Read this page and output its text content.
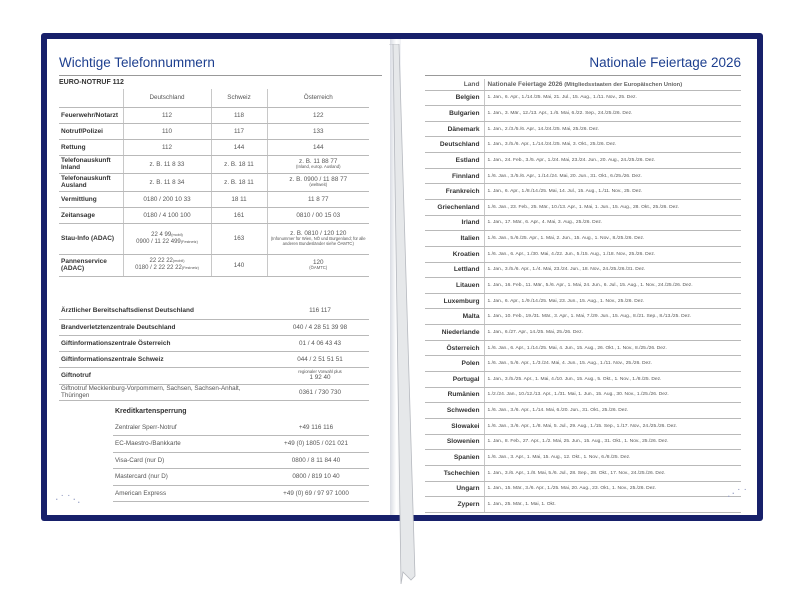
Wichtige Telefonnummern
EURO-NOTRUF 112
	Deutschland	Schweiz	Österreich
Feuerwehr/Notarzt	112	118	122

Notruf/Polizei	110	117	133

Rettung	112	144	144

Telefonauskunft Inland	z. B. 11 8 33	z. B. 18 11	z. B. 11 88 77
(Inland, europ. Ausland)

Telefonauskunft Ausland	z. B. 11 8 34	z. B. 18 11	z. B. 0900 / 11 88 77
(weltweit)

Vermittlung	0180 / 200 10 33	18 11	11 8 77

Zeitansage	0180 / 4 100 100	161	0810 / 00 15 03

Stau-Info (ADAC)	22 4 99(mobil)
0900 / 11 22 499(Festnetz)	163	z. B. 0810 / 120 120
(Infonummer für Wien, NÖ und Burgenland; für alle anderen Bundesländer siehe ÖAMTC)

Pannenservice (ADAC)	22 22 22(mobil)
0180 / 2 22 22 22(Festnetz)	140	120
(ÖAMTC)
Ärztlicher Bereitschaftsdienst Deutschland	116 117
Brandverletztenzentrale Deutschland	040 / 4 28 51 39 98
Giftinformationszentrale Österreich	01 / 4 06 43 43
Giftinformationszentrale Schweiz	044 / 2 51 51 51
Giftnotruf	regionaler Vorwahl plus
1 92 40
Giftnotruf Mecklenburg-Vorpommern, Sachsen, Sachsen-Anhalt, Thüringen	0361 / 730 730
Kreditkartensperrung
Zentraler Sperr-Notruf	+49 116 116
EC-Maestro-/Bankkarte	+49 (0) 1805 / 021 021
Visa-Card (nur D)	0800 / 8 11 84 40
Mastercard (nur D)	0800 / 819 10 40
American Express	+49 (0) 69 / 97 97 1000
·˙˙·.
Nationale Feiertage 2026
Land	Nationale Feiertage 2026 (Mitgliedsstaaten der Europäischen Union)
Belgien	1. Jan., 6. Apr., 1./14./25. Mai, 21. Jul., 15. Aug., 1./11. Nov., 25. Dez.
Bulgarien	1. Jan., 3. Mär., 12./13. Apr., 1./6. Mai, 6./22. Sep., 24./25./26. Dez.
Dänemark	1. Jan., 2./3./5./6. Apr., 14./24./25. Mai, 25./26. Dez.
Deutschland	1. Jan., 3./5./6. Apr., 1./14./24./25. Mai, 3. Okt., 25./26. Dez.
Estland	1. Jan., 24. Feb., 3./5. Apr., 1./24. Mai, 23./24. Jun., 20. Aug., 24./25./26. Dez.
Finnland	1./6. Jan., 3./5./6. Apr., 1./14./24. Mai, 20. Jun., 31. Okt., 6./25./26. Dez.
Frankreich	1. Jan., 6. Apr., 1./8./14./25. Mai, 14. Jul., 15. Aug., 1./11. Nov., 25. Dez.
Griechenland	1./6. Jan., 23. Feb., 25. Mär., 10./13. Apr., 1. Mai, 1. Jun., 15. Aug., 28. Okt., 25./26. Dez.
Irland	1. Jan., 17. Mär., 6. Apr., 4. Mai, 3. Aug., 25./26. Dez.
Italien	1./6. Jan., 5./6./25. Apr., 1. Mai, 2. Jun., 15. Aug., 1. Nov., 8./25./26. Dez.
Kroatien	1./6. Jan., 6. Apr., 1./30. Mai, 4./22. Jun., 5./15. Aug., 1./18. Nov., 25./26. Dez.
Lettland	1. Jan., 3./5./6. Apr., 1./4. Mai, 23./24. Jun., 18. Nov., 24./25./26./31. Dez.
Litauen	1. Jan., 16. Feb., 11. Mär., 5./6. Apr., 1. Mai, 24. Jun., 6. Jul., 15. Aug., 1. Nov., 24./25./26. Dez.
Luxemburg	1. Jan., 6. Apr., 1./9./14./25. Mai, 23. Jun., 15. Aug., 1. Nov., 25./26. Dez.
Malta	1. Jan., 10. Feb., 19./31. Mär., 3. Apr., 1. Mai, 7./29. Jun., 15. Aug., 8./21. Sep., 8./13./25. Dez.
Niederlande	1. Jan., 6./27. Apr., 14./25. Mai, 25./26. Dez.
Österreich	1./6. Jan., 6. Apr., 1./14./25. Mai, 4. Jun., 15. Aug., 26. Okt., 1. Nov., 8./25./26. Dez.
Polen	1./6. Jan., 5./6. Apr., 1./3./24. Mai, 4. Jun., 15. Aug., 1./11. Nov., 25./26. Dez.
Portugal	1. Jan., 3./5./25. Apr., 1. Mai, 4./10. Jun., 15. Aug., 5. Okt., 1. Nov., 1./8./25. Dez.
Rumänien	1./2./24. Jan., 10./12./13. Apr., 1./31. Mai, 1. Jun., 15. Aug., 30. Nov., 1./25./26. Dez.
Schweden	1./6. Jan., 3./6. Apr., 1./14. Mai, 6./20. Jun., 31. Okt., 25./26. Dez.
Slowakei	1./6. Jan., 3./6. Apr., 1./8. Mai, 5. Jul., 29. Aug., 1./15. Sep., 1./17. Nov., 24./25./26. Dez.
Slowenien	1. Jan., 8. Feb., 27. Apr., 1./2. Mai, 25. Jun., 15. Aug., 31. Okt., 1. Nov., 25./26. Dez.
Spanien	1./6. Jan., 3. Apr., 1. Mai, 15. Aug., 12. Okt., 1. Nov., 6./8./25. Dez.
Tschechien	1. Jan., 3./6. Apr., 1./8. Mai, 5./6. Jul., 28. Sep., 28. Okt., 17. Nov., 24./25./26. Dez.
Ungarn	1. Jan., 15. Mär., 3./6. Apr., 1./25. Mai, 20. Aug., 23. Okt., 1. Nov., 25./26. Dez.
Zypern	1. Jan., 25. Mär., 1. Mai, 1. Okt.
.·˙˙
